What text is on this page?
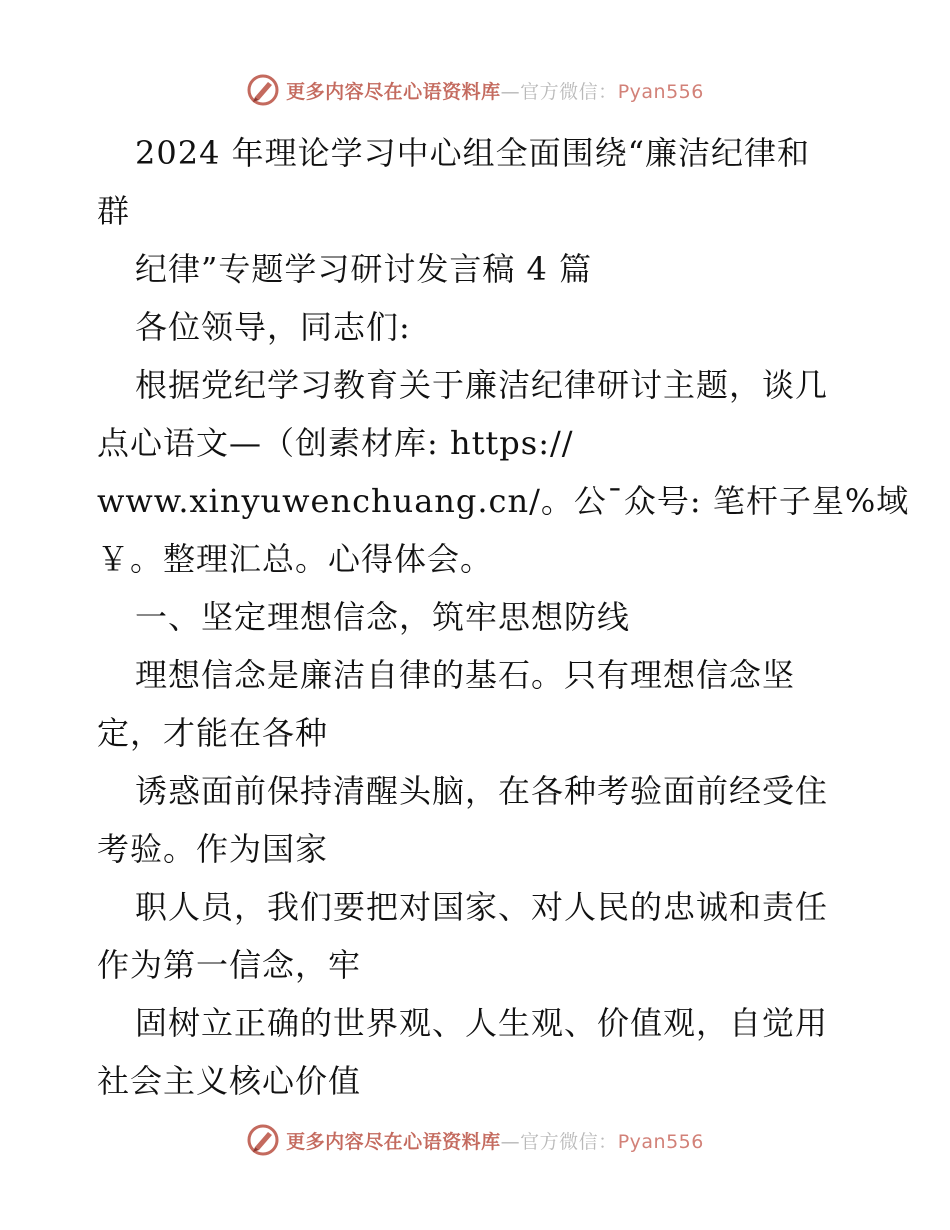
更多内容尽在心语资料库—官方微信：Pyan556
2024 年理论学习中心组全面围绕“廉洁纪律和
群
纪律”专题学习研讨发言稿 4 篇
各位领导，同志们:
根据党纪学习教育关于廉洁纪律研讨主题，谈几
点心语文—（创素材库: https://
www.xinyuwenchuang.cn/。公¯众号: 笔杆子星%域
￥。整理汇总。心得体会。
一、坚定理想信念，筑牢思想防线
理想信念是廉洁自律的基石。只有理想信念坚
定，才能在各种
诱惑面前保持清醒头脑，在各种考验面前经受住
考验。作为国家
职人员，我们要把对国家、对人民的忠诚和责任
作为第一信念，牢
固树立正确的世界观、人生观、价值观，自觉用
社会主义核心价值
更多内容尽在心语资料库—官方微信：Pyan556
